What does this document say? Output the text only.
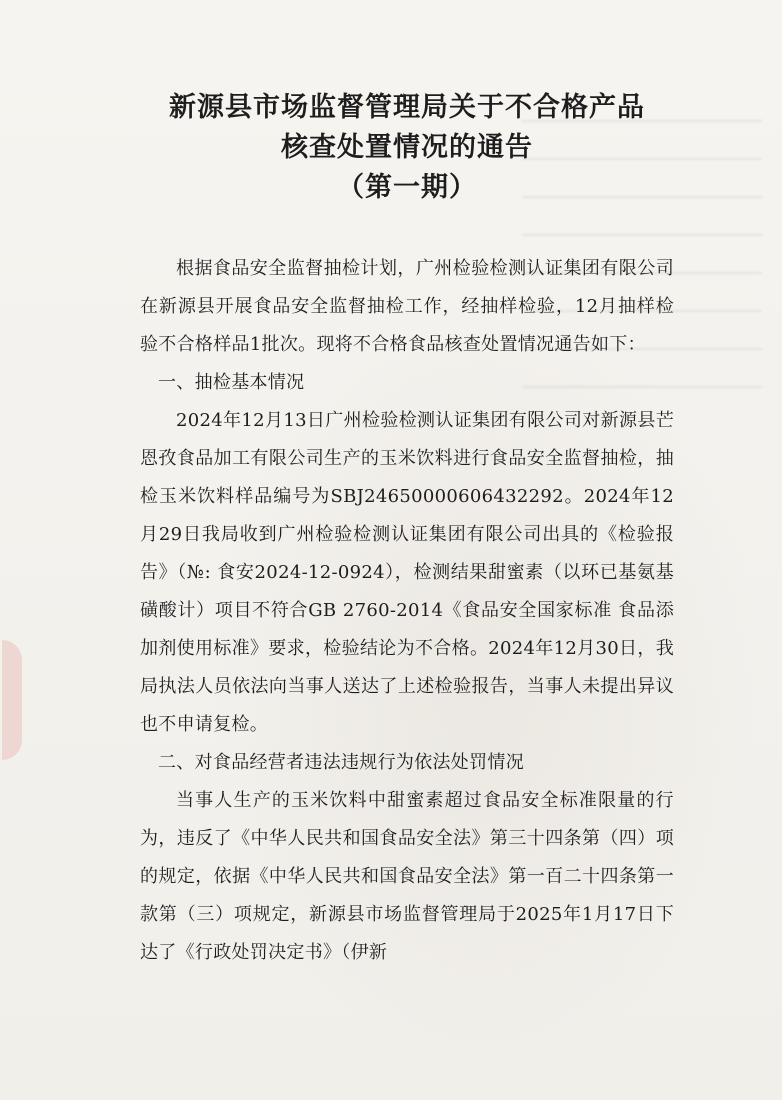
新源县市场监督管理局关于不合格产品
核查处置情况的通告
（第一期）

根据食品安全监督抽检计划，广州检验检测认证集团有限公司在新源县开展食品安全监督抽检工作，经抽样检验，12月抽样检验不合格样品1批次。现将不合格食品核查处置情况通告如下：

一、抽检基本情况

2024年12月13日广州检验检测认证集团有限公司对新源县芒恩孜食品加工有限公司生产的玉米饮料进行食品安全监督抽检，抽检玉米饮料样品编号为SBJ24650000606432292。2024年12月29日我局收到广州检验检测认证集团有限公司出具的《检验报告》（№: 食安2024-12-0924），检测结果甜蜜素（以环已基氨基磺酸计）项目不符合GB 2760-2014《食品安全国家标准 食品添加剂使用标准》要求，检验结论为不合格。2024年12月30日，我局执法人员依法向当事人送达了上述检验报告，当事人未提出异议也不申请复检。

二、对食品经营者违法违规行为依法处罚情况

当事人生产的玉米饮料中甜蜜素超过食品安全标准限量的行为，违反了《中华人民共和国食品安全法》第三十四条第（四）项的规定，依据《中华人民共和国食品安全法》第一百二十四条第一款第（三）项规定，新源县市场监督管理局于2025年1月17日下达了《行政处罚决定书》（伊新
